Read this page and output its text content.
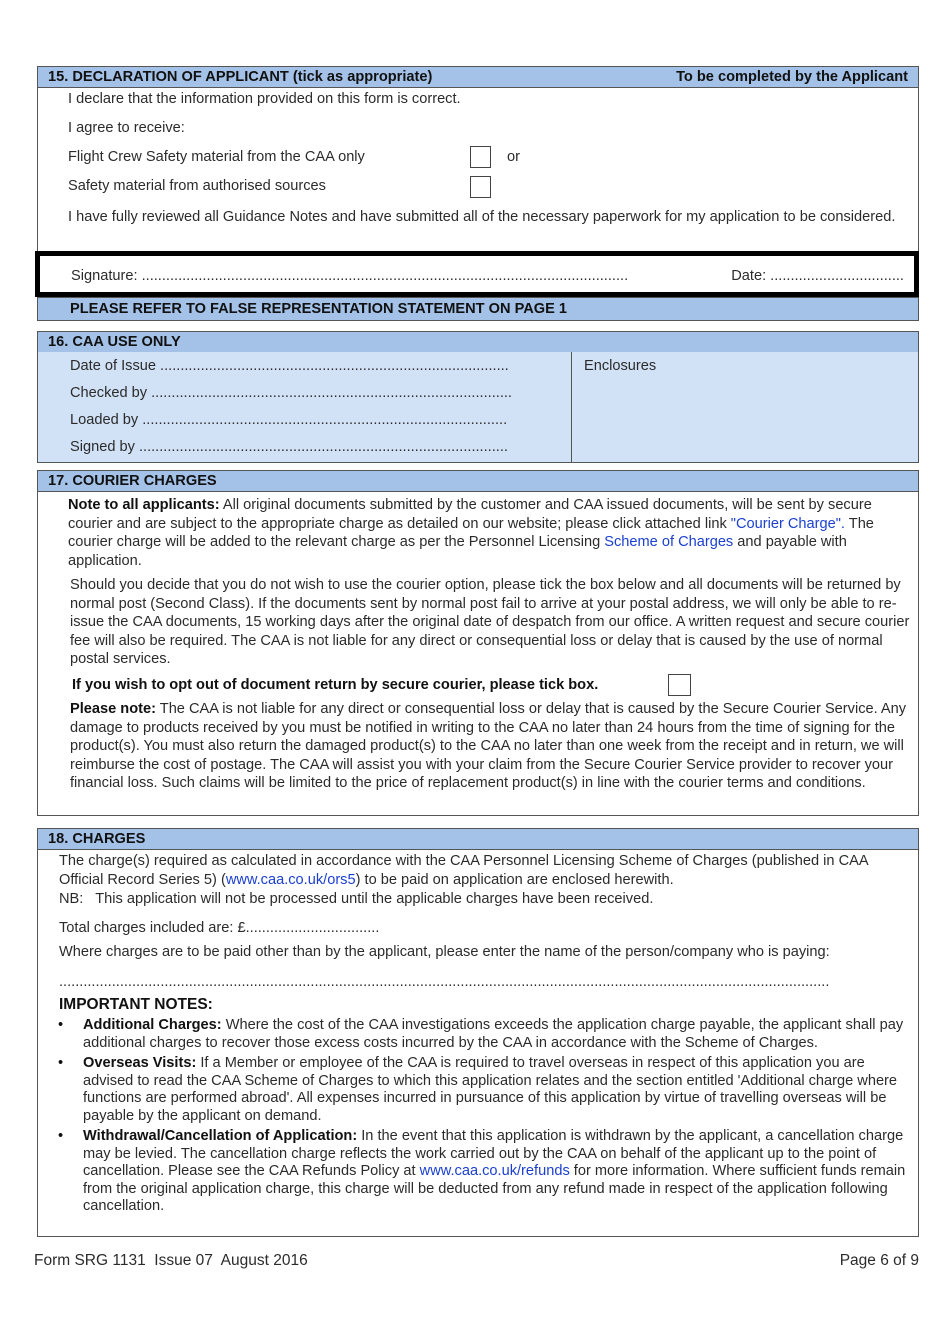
15. DECLARATION OF APPLICANT (tick as appropriate)	To be completed by the Applicant

I declare that the information provided on this form is correct.

I agree to receive:

Flight Crew Safety material from the CAA only	or

Safety material from authorised sources

I have fully reviewed all Guidance Notes and have submitted all of the necessary paperwork for my application to be considered.

Signature: ........................................................................................................................	Date: .................................
PLEASE REFER TO FALSE REPRESENTATION STATEMENT ON PAGE 1
16. CAA USE ONLY

Date of Issue ......................................................................................

Checked by .........................................................................................

Loaded by ..........................................................................................

Signed by ...........................................................................................

Enclosures

17. COURIER CHARGES

Note to all applicants: All original documents submitted by the customer and CAA issued documents, will be sent by secure courier and are subject to the appropriate charge as detailed on our website; please click attached link "Courier Charge". The courier charge will be added to the relevant charge as per the Personnel Licensing Scheme of Charges and payable with application.

Should you decide that you do not wish to use the courier option, please tick the box below and all documents will be returned by normal post (Second Class). If the documents sent by normal post fail to arrive at your postal address, we will only be able to re-issue the CAA documents, 15 working days after the original date of despatch from our office. A written request and secure courier fee will also be required. The CAA is not liable for any direct or consequential loss or delay that is caused by the use of normal postal services.

If you wish to opt out of document return by secure courier, please tick box.

Please note: The CAA is not liable for any direct or consequential loss or delay that is caused by the Secure Courier Service. Any damage to products received by you must be notified in writing to the CAA no later than 24 hours from the time of signing for the product(s). You must also return the damaged product(s) to the CAA no later than one week from the receipt and in return, we will reimburse the cost of postage. The CAA will assist you with your claim from the Secure Courier Service provider to recover your financial loss. Such claims will be limited to the price of replacement product(s) in line with the courier terms and conditions.

18. CHARGES

The charge(s) required as calculated in accordance with the CAA Personnel Licensing Scheme of Charges (published in CAA Official Record Series 5) (www.caa.co.uk/ors5) to be paid on application are enclosed herewith.

NB:   This application will not be processed until the applicable charges have been received.

Total charges included are: £.................................

Where charges are to be paid other than by the applicant, please enter the name of the person/company who is paying:

..............................................................................................................................................................................................

IMPORTANT NOTES:

• Additional Charges: Where the cost of the CAA investigations exceeds the application charge payable, the applicant shall pay additional charges to recover those excess costs incurred by the CAA in accordance with the Scheme of Charges.
• Overseas Visits: If a Member or employee of the CAA is required to travel overseas in respect of this application you are advised to read the CAA Scheme of Charges to which this application relates and the section entitled 'Additional charge where functions are performed abroad'. All expenses incurred in pursuance of this application by virtue of travelling overseas will be payable by the applicant on demand.
• Withdrawal/Cancellation of Application: In the event that this application is withdrawn by the applicant, a cancellation charge may be levied. The cancellation charge reflects the work carried out by the CAA on behalf of the applicant up to the point of cancellation. Please see the CAA Refunds Policy at www.caa.co.uk/refunds for more information. Where sufficient funds remain from the original application charge, this charge will be deducted from any refund made in respect of the application following cancellation.

Form SRG 1131  Issue 07  August 2016	Page 6 of 9
